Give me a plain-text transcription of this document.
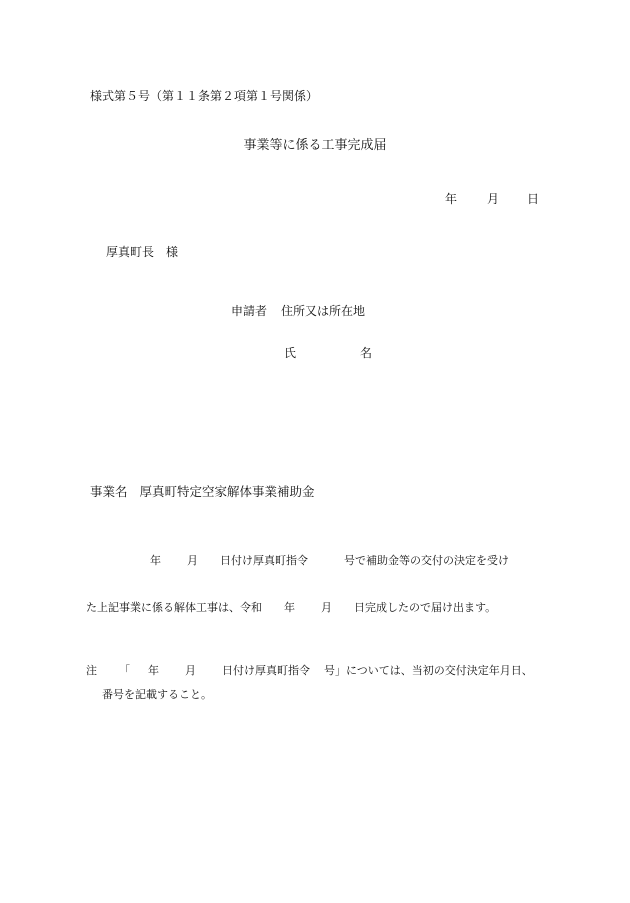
様式第５号（第１１条第２項第１号関係）
事業等に係る工事完成届
年	月 日
厚真町長　様
申請者 住所又は所在地
氏	名
事業名 厚真町特定空家解体事業補助金
年 月 日付け厚真町指令	号で補助金等の交付の決定を受け
た上記事業に係る解体工事は、令和 年 月 日完成したので届け出ます。
注 「 年 月 日付け厚真町指令 号」については、当初の交付決定年月日、
番号を記載すること。
